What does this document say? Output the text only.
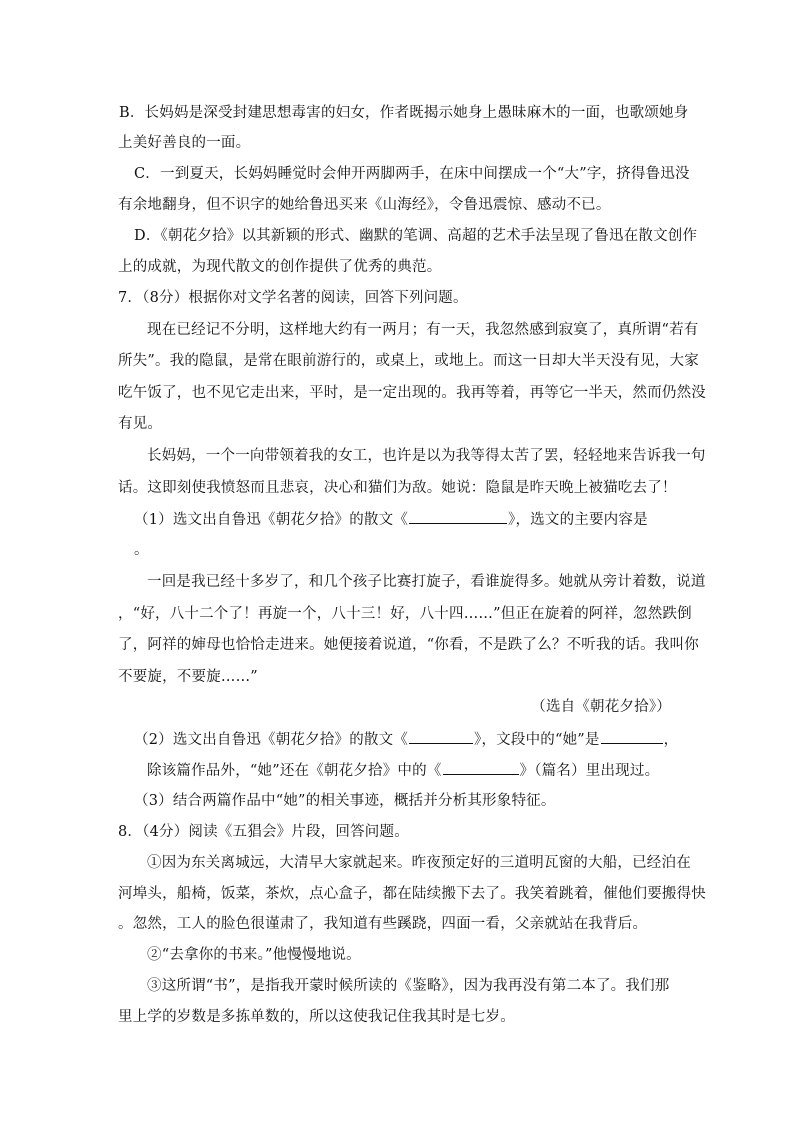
B．长妈妈是深受封建思想毒害的妇女，作者既揭示她身上愚昧麻木的一面，也歌颂她身
上美好善良的一面。
C．一到夏天，长妈妈睡觉时会伸开两脚两手，在床中间摆成一个“大”字，挤得鲁迅没
有余地翻身，但不识字的她给鲁迅买来《山海经》，令鲁迅震惊、感动不已。
D．《朝花夕拾》以其新颖的形式、幽默的笔调、高超的艺术手法呈现了鲁迅在散文创作
上的成就，为现代散文的创作提供了优秀的典范。
7．（8分）根据你对文学名著的阅读，回答下列问题。
现在已经记不分明，这样地大约有一两月；有一天，我忽然感到寂寞了，真所谓“若有
所失”。我的隐鼠，是常在眼前游行的，或桌上，或地上。而这一日却大半天没有见，大家
吃午饭了，也不见它走出来，平时，是一定出现的。我再等着，再等它一半天，然而仍然没
有见。
长妈妈，一个一向带领着我的女工，也许是以为我等得太苦了罢，轻轻地来告诉我一句
话。这即刻使我愤怒而且悲哀，决心和猫们为敌。她说：隐鼠是昨天晚上被猫吃去了！
（1）选文出自鲁迅《朝花夕拾》的散文《	》，选文的主要内容是
。
一回是我已经十多岁了，和几个孩子比赛打旋子，看谁旋得多。她就从旁计着数，说道
，“好，八十二个了！再旋一个，八十三！好，八十四……”但正在旋着的阿祥，忽然跌倒
了，阿祥的婶母也恰恰走进来。她便接着说道，“你看，不是跌了么？不听我的话。我叫你
不要旋，不要旋……”
（选自《朝花夕拾》）
（2）选文出自鲁迅《朝花夕拾》的散文《	》，文段中的“她”是	，
除该篇作品外，“她”还在《朝花夕拾》中的《	》（篇名）里出现过。
（3）结合两篇作品中“她”的相关事迹，概括并分析其形象特征。
8．（4分）阅读《五猖会》片段，回答问题。
①因为东关离城远，大清早大家就起来。昨夜预定好的三道明瓦窗的大船，已经泊在
河埠头，船椅，饭菜，茶炊，点心盒子，都在陆续搬下去了。我笑着跳着，催他们要搬得快
。忽然，工人的脸色很谨肃了，我知道有些蹊跷，四面一看，父亲就站在我背后。
②“去拿你的书来。”他慢慢地说。
③这所谓“书”，是指我开蒙时候所读的《鉴略》，因为我再没有第二本了。我们那
里上学的岁数是多拣单数的，所以这使我记住我其时是七岁。
